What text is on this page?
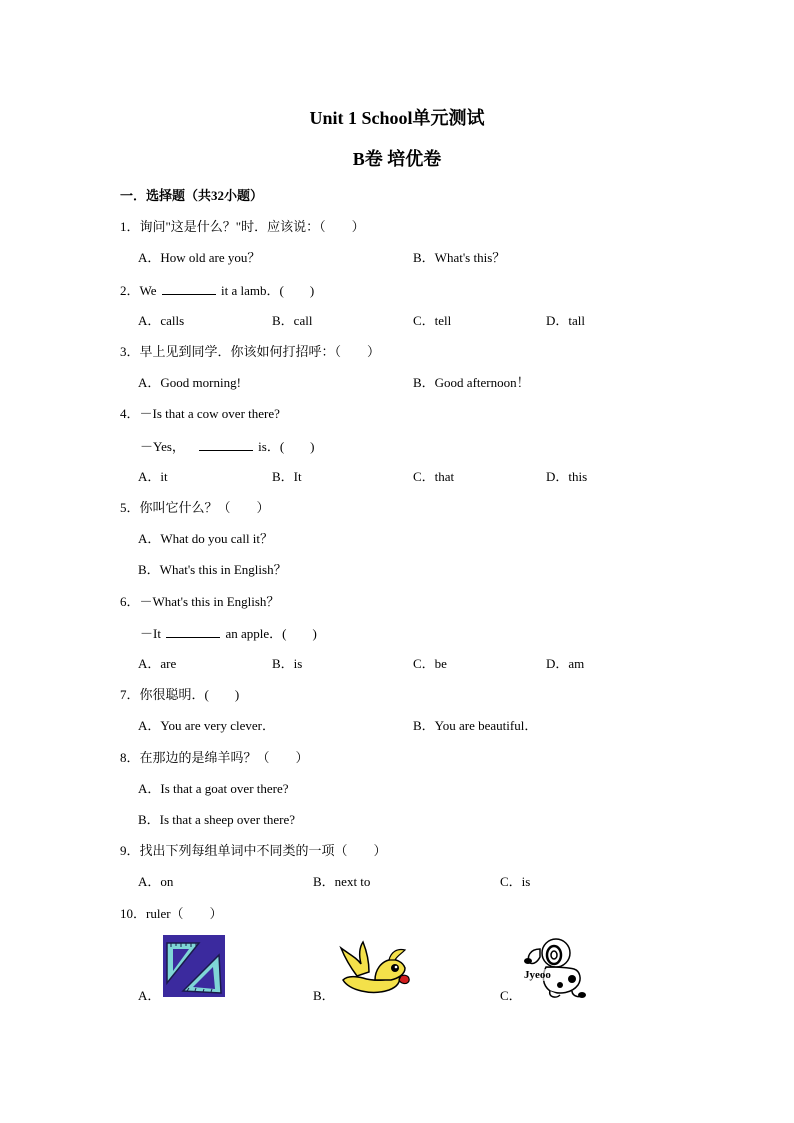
Unit 1 School单元测试
B卷 培优卷
一．选择题（共32小题）
1．询问"这是什么？"时．应该说：（　　）
A．How old are you？	B．What's this？
2．We	it a lamb．(　　)
A．calls	B．call	C．tell	D．tall
3．早上见到同学．你该如何打招呼：（　　）
A．Good morning!	B．Good afternoon！
4．－Is that a cow over there?
－Yes，	is．(　　)
A．it	B．It	C．that	D．this
5．你叫它什么？（　　）
A．What do you call it？
B．What's this in English？
6．－What's this in English？
－It	an apple．(　　)
A．are	B．is	C．be	D．am
7．你很聪明．(　　)
A．You are very clever．	B．You are beautiful．
8．在那边的是绵羊吗？（　　）
A．Is that a goat over there?
B．Is that a sheep over there?
9．找出下列每组单词中不同类的一项（　　）
A．on	B．next to	C．is
10．ruler（　　）
A．	B．	C．
Jyeoo
